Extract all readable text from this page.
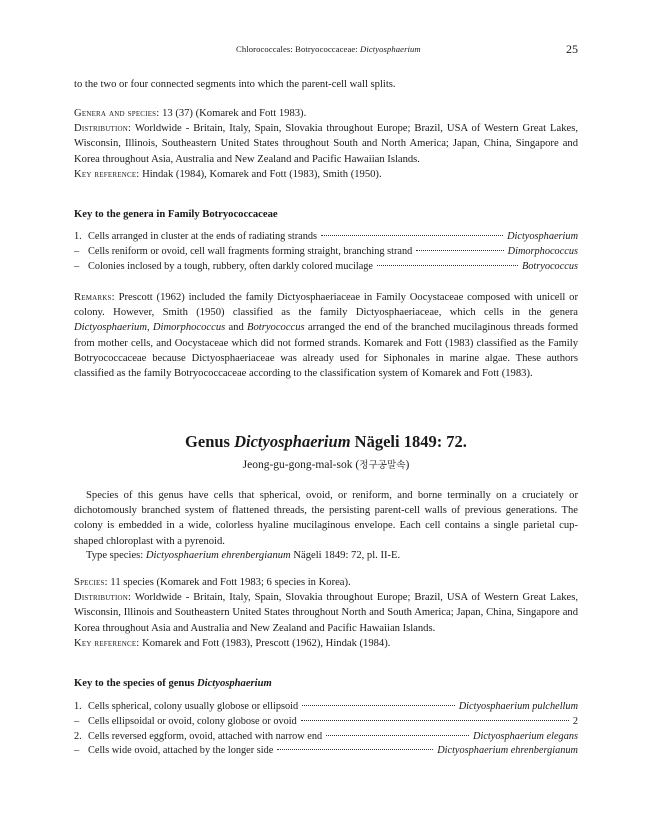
Chlorococcales: Botryococcaceae: Dictyosphaerium	25

to the two or four connected segments into which the parent-cell wall splits.

Genera and species: 13 (37) (Komarek and Fott 1983).

Distribution: Worldwide - Britain, Italy, Spain, Slovakia throughout Europe; Brazil, USA of Western Great Lakes, Wisconsin, Illinois, Southeastern United States throughout South and North America; Japan, China, Singapore and Korea throughout Asia, Australia and New Zealand and Pacific Hawaiian Islands.

Key reference: Hindak (1984), Komarek and Fott (1983), Smith (1950).

Key to the genera in Family Botryococcaceae
1. Cells arranged in cluster at the ends of radiating strands	Dictyosphaerium
– Cells reniform or ovoid, cell wall fragments forming straight, branching strand	Dimorphococcus
– Colonies inclosed by a tough, rubbery, often darkly colored mucilage	Botryococcus

Remarks: Prescott (1962) included the family Dictyosphaeriaceae in Family Oocystaceae composed with unicell or colony. However, Smith (1950) classified as the family Dictyosphaeriaceae, which cells in the genera Dictyosphaerium, Dimorphococcus and Botryococcus arranged the end of the branched mucilaginous threads formed from mother cells, and Oocystaceae which did not formed strands. Komarek and Fott (1983) classified as the Family Botryococcaceae because Dictyosphaeriaceae was already used for Siphonales in marine algae. These authors classified as the family Botryococcaceae according to the classification system of Komarek and Fott (1983).

Genus Dictyosphaerium Nägeli 1849: 72.
Jeong-gu-gong-mal-sok (정구공말속)

Species of this genus have cells that spherical, ovoid, or reniform, and borne terminally on a cruciately or dichotomously branched system of flattened threads, the persisting parent-cell walls of previous generations. The colony is embedded in a wide, colorless hyaline mucilaginous envelope. Each cell contains a single parietal cup-shaped chloroplast with a pyrenoid.

Type species: Dictyosphaerium ehrenbergianum Nägeli 1849: 72, pl. II-E.

Species: 11 species (Komarek and Fott 1983; 6 species in Korea).

Distribution: Worldwide - Britain, Italy, Spain, Slovakia throughout Europe; Brazil, USA of Western Great Lakes, Wisconsin, Illinois and Southeastern United States throughout North and South America; Japan, China, Singapore and Korea throughout Asia and Australia and New Zealand and Pacific Hawaiian Islands.

Key reference: Komarek and Fott (1983), Prescott (1962), Hindak (1984).

Key to the species of genus Dictyosphaerium
1. Cells spherical, colony usually globose or ellipsoid	Dictyosphaerium pulchellum
– Cells ellipsoidal or ovoid, colony globose or ovoid	2
2. Cells reversed eggform, ovoid, attached with narrow end	Dictyosphaerium elegans
– Cells wide ovoid, attached by the longer side	Dictyosphaerium ehrenbergianum
